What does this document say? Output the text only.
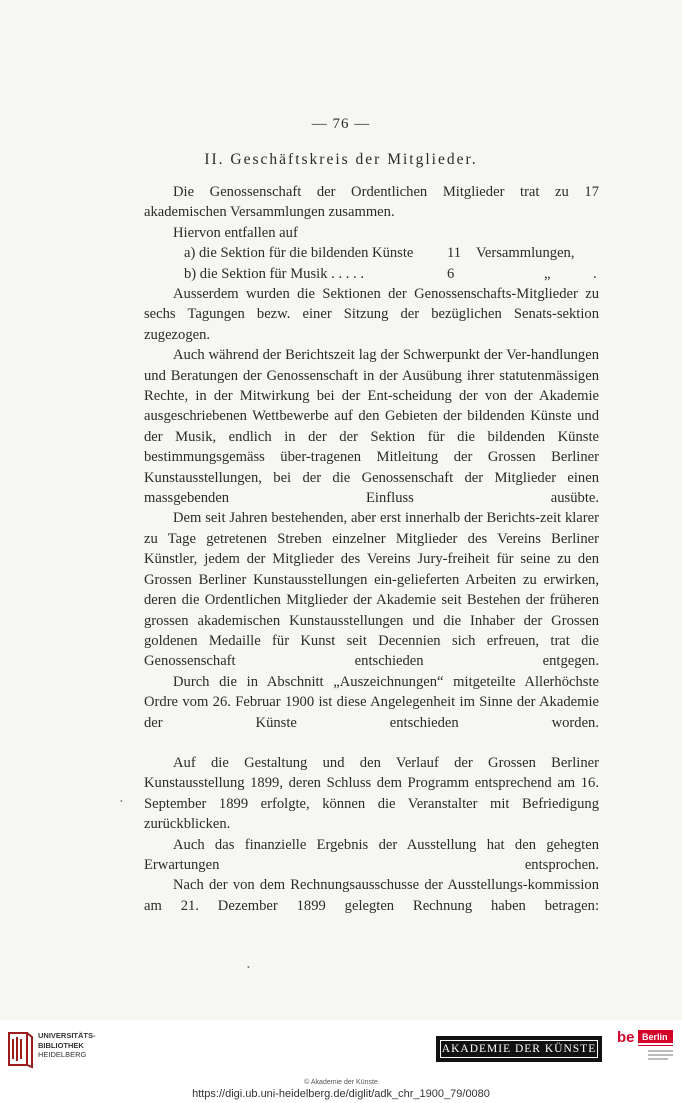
— 76 —
II. Geschäftskreis der Mitglieder.

Die Genossenschaft der Ordentlichen Mitglieder trat zu 17 akademischen Versammlungen zusammen.

Hiervon entfallen auf

a) die Sektion für die bildenden Künste 11 Versammlungen,
b) die Sektion für Musik . . . . .	6	„	.

Ausserdem wurden die Sektionen der Genossenschafts-Mitglieder zu sechs Tagungen bezw. einer Sitzung der bezüglichen Senats-sektion zugezogen.

Auch während der Berichtszeit lag der Schwerpunkt der Ver-handlungen und Beratungen der Genossenschaft in der Ausübung ihrer statutenmässigen Rechte, in der Mitwirkung bei der Ent-scheidung der von der Akademie ausgeschriebenen Wettbewerbe auf den Gebieten der bildenden Künste und der Musik, endlich in der der Sektion für die bildenden Künste bestimmungsgemäss über-tragenen Mitleitung der Grossen Berliner Kunstausstellungen, bei der die Genossenschaft der Mitglieder einen massgebenden Einfluss ausübte.

Dem seit Jahren bestehenden, aber erst innerhalb der Berichts-zeit klarer zu Tage getretenen Streben einzelner Mitglieder des Vereins Berliner Künstler, jedem der Mitglieder des Vereins Jury-freiheit für seine zu den Grossen Berliner Kunstausstellungen ein-gelieferten Arbeiten zu erwirken, deren die Ordentlichen Mitglieder der Akademie seit Bestehen der früheren grossen akademischen Kunstausstellungen und die Inhaber der Grossen goldenen Medaille für Kunst seit Decennien sich erfreuen, trat die Genossenschaft entschieden entgegen.

Durch die in Abschnitt „Auszeichnungen“ mitgeteilte Allerhöchste Ordre vom 26. Februar 1900 ist diese Angelegenheit im Sinne der Akademie der Künste entschieden worden.

Auf die Gestaltung und den Verlauf der Grossen Berliner Kunstausstellung 1899, deren Schluss dem Programm entsprechend am 16. September 1899 erfolgte, können die Veranstalter mit Befriedigung zurückblicken.

Auch das finanzielle Ergebnis der Ausstellung hat den gehegten Erwartungen entsprochen.

Nach der von dem Rechnungsausschusse der Ausstellungs-kommission am 21. Dezember 1899 gelegten Rechnung haben betragen:

•
•
UNIVERSITÄTS-
BIBLIOTHEK
HEIDELBERG	AKADEMIE DER KÜNSTE
be Berlin
© Akademie der Künste
https://digi.ub.uni-heidelberg.de/diglit/adk_chr_1900_79/0080
